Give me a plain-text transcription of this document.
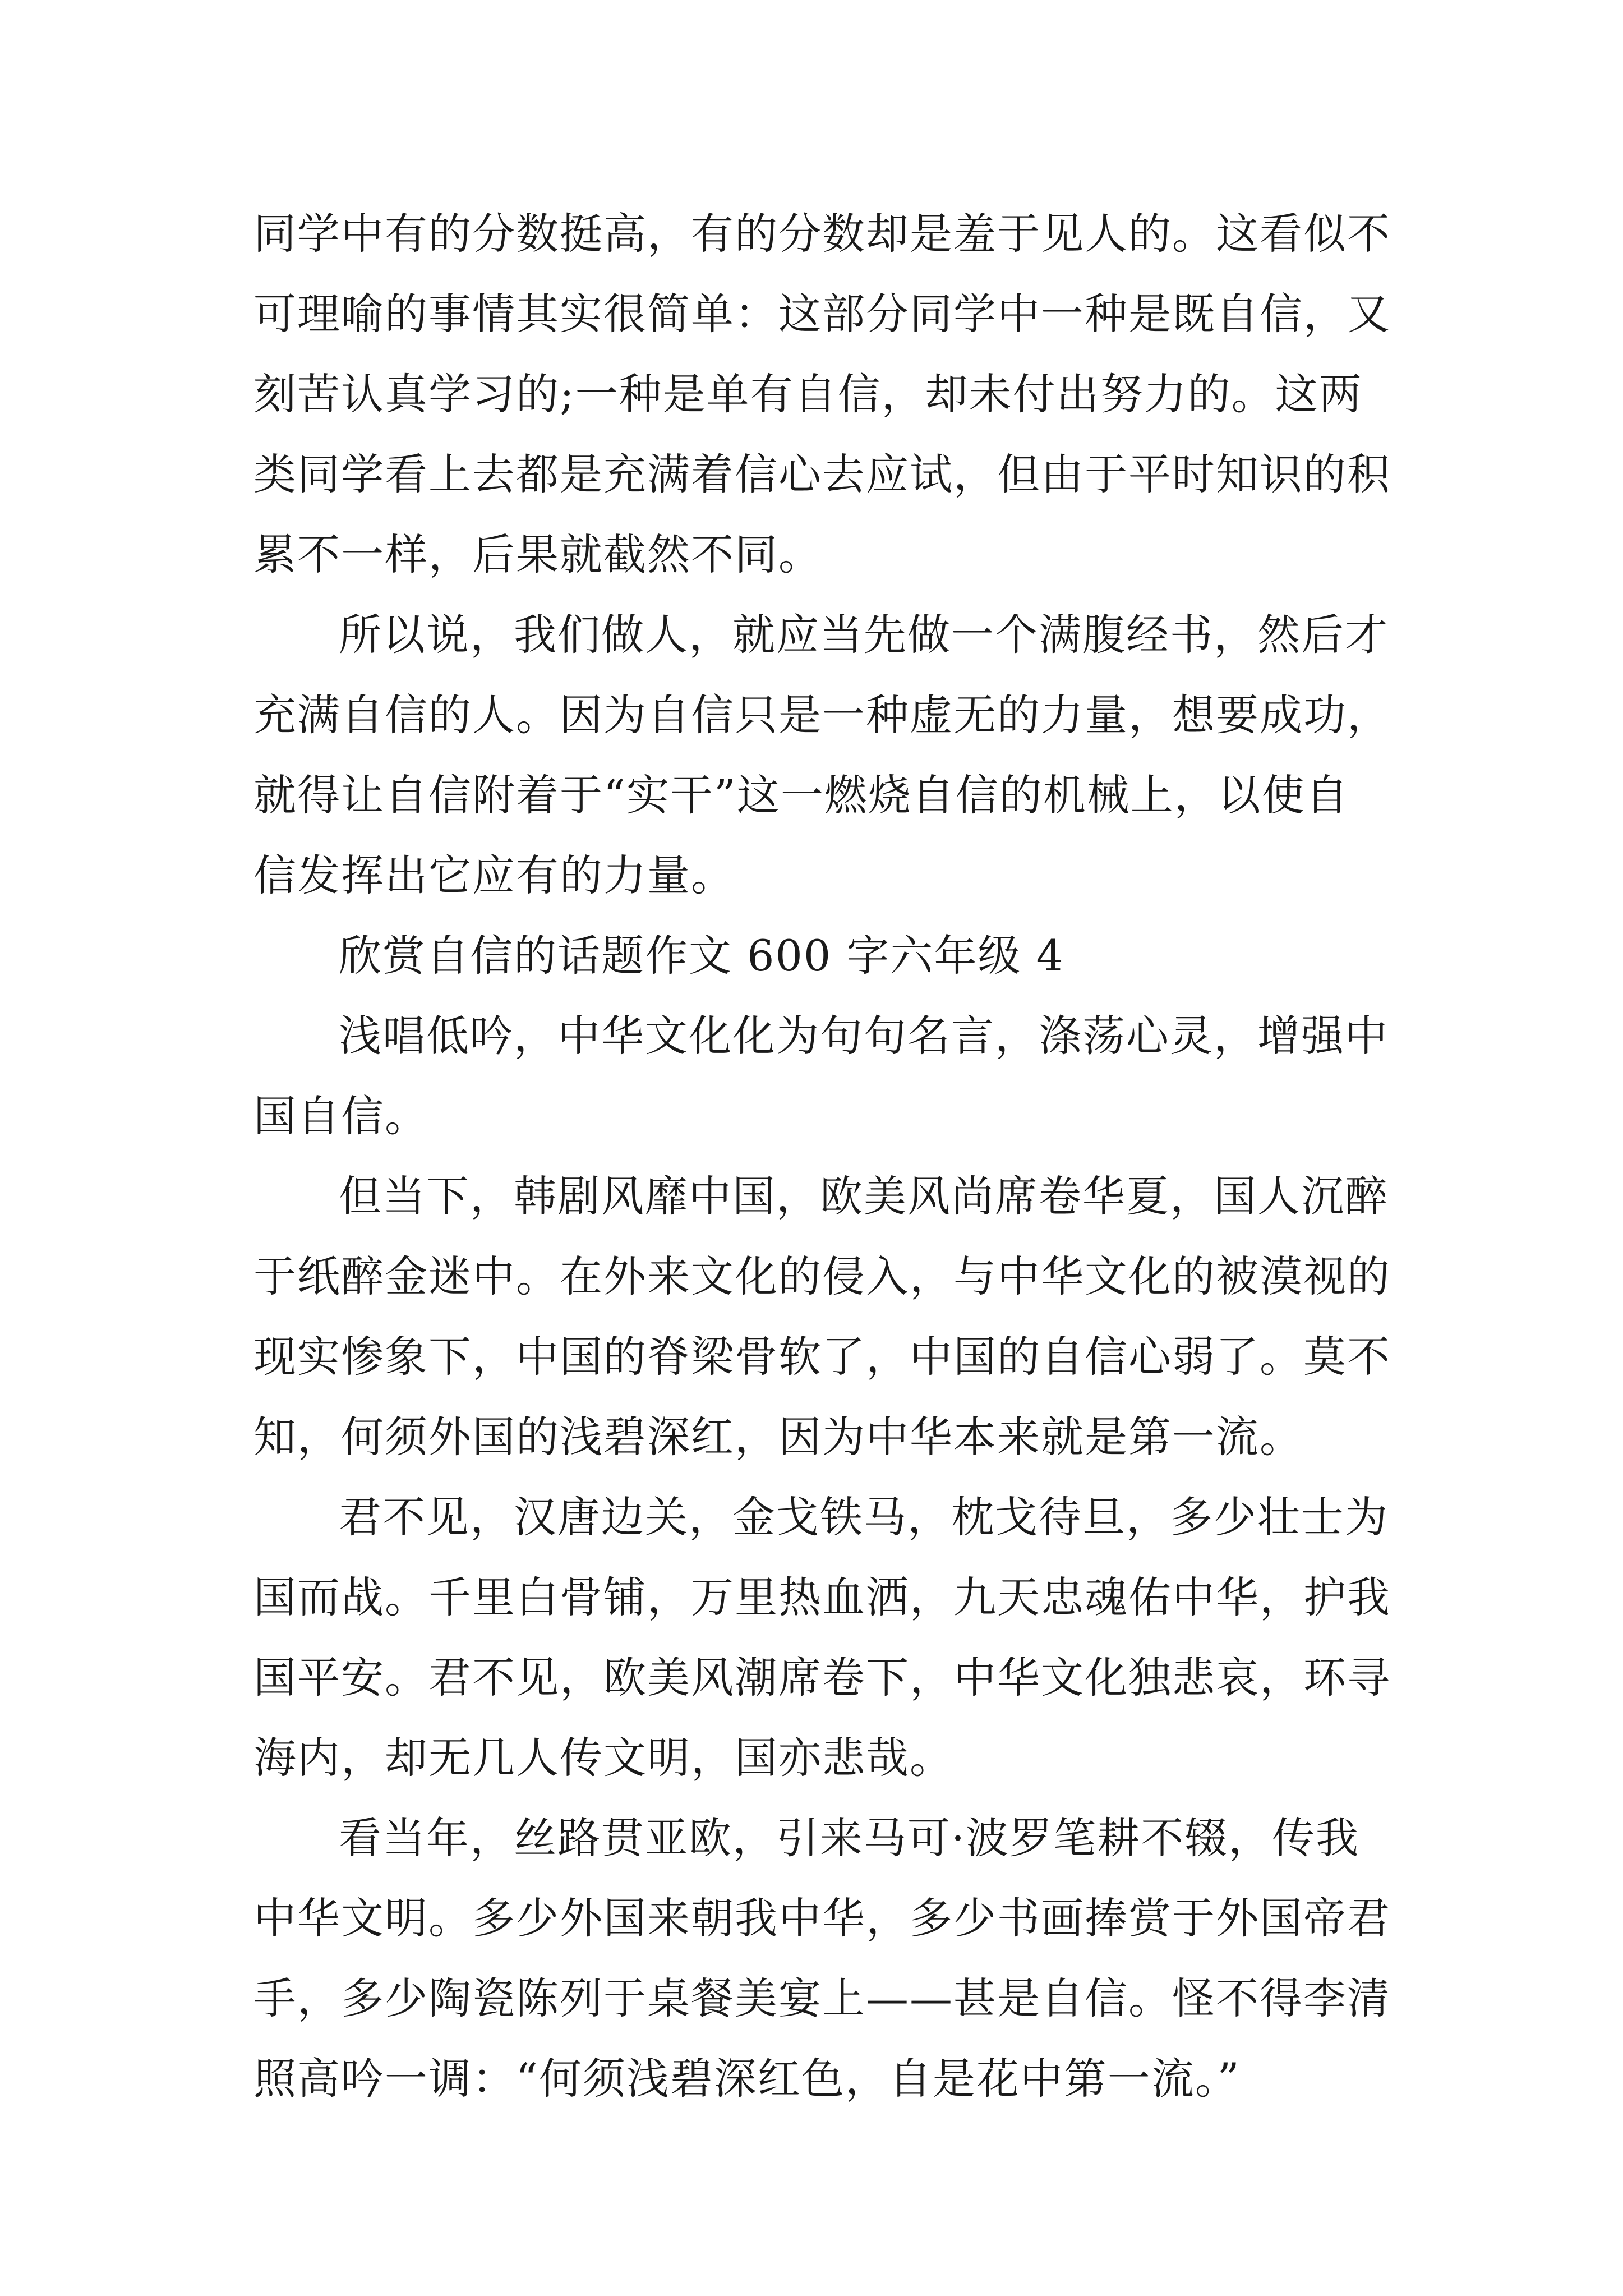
同学中有的分数挺高，有的分数却是羞于见人的。这看似不
可理喻的事情其实很简单：这部分同学中一种是既自信，又
刻苦认真学习的;一种是单有自信，却未付出努力的。这两
类同学看上去都是充满着信心去应试，但由于平时知识的积
累不一样，后果就截然不同。
所以说，我们做人，就应当先做一个满腹经书，然后才
充满自信的人。因为自信只是一种虚无的力量，想要成功，
就得让自信附着于“实干”这一燃烧自信的机械上，以使自
信发挥出它应有的力量。
欣赏自信的话题作文 600 字六年级 4
浅唱低吟，中华文化化为句句名言，涤荡心灵，增强中
国自信。
但当下，韩剧风靡中国，欧美风尚席卷华夏，国人沉醉
于纸醉金迷中。在外来文化的侵入，与中华文化的被漠视的
现实惨象下，中国的脊梁骨软了，中国的自信心弱了。莫不
知，何须外国的浅碧深红，因为中华本来就是第一流。
君不见，汉唐边关，金戈铁马，枕戈待旦，多少壮士为
国而战。千里白骨铺，万里热血洒，九天忠魂佑中华，护我
国平安。君不见，欧美风潮席卷下，中华文化独悲哀，环寻
海内，却无几人传文明，国亦悲哉。
看当年，丝路贯亚欧，引来马可·波罗笔耕不辍，传我
中华文明。多少外国来朝我中华，多少书画捧赏于外国帝君
手，多少陶瓷陈列于桌餐美宴上——甚是自信。怪不得李清
照高吟一调：“何须浅碧深红色，自是花中第一流。”
